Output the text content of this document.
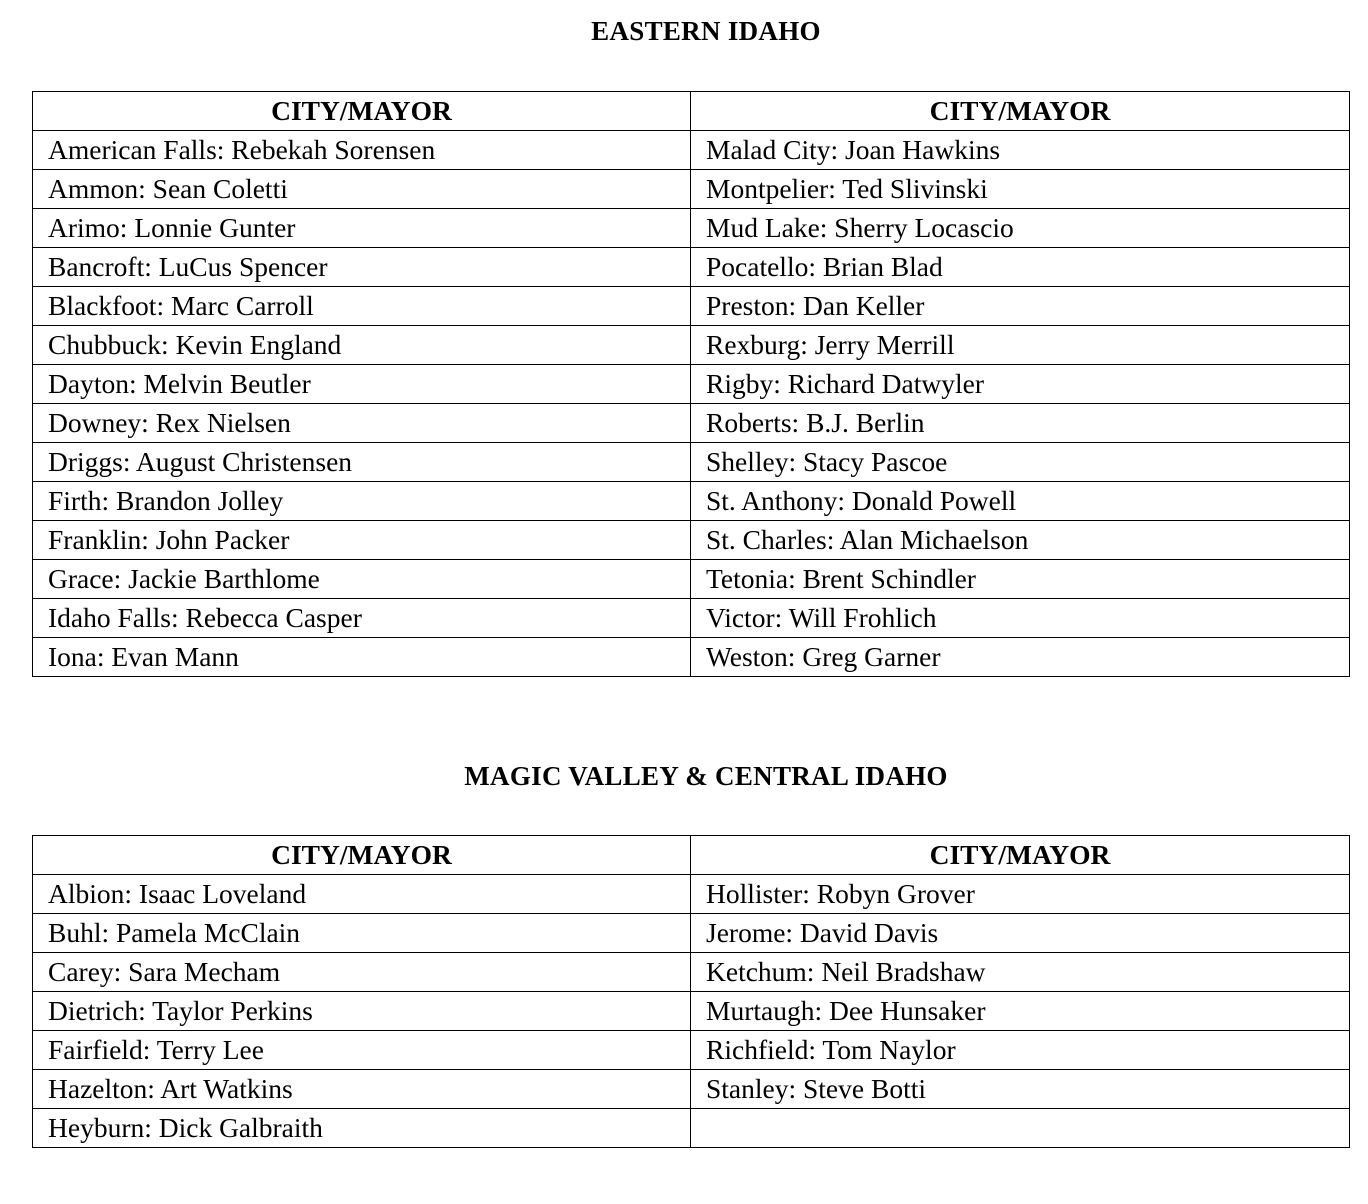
EASTERN IDAHO
CITY/MAYOR	CITY/MAYOR
American Falls: Rebekah Sorensen	Malad City: Joan Hawkins
Ammon: Sean Coletti	Montpelier: Ted Slivinski
Arimo: Lonnie Gunter	Mud Lake: Sherry Locascio
Bancroft: LuCus Spencer	Pocatello: Brian Blad
Blackfoot: Marc Carroll	Preston: Dan Keller
Chubbuck: Kevin England	Rexburg: Jerry Merrill
Dayton: Melvin Beutler	Rigby: Richard Datwyler
Downey: Rex Nielsen	Roberts: B.J. Berlin
Driggs: August Christensen	Shelley: Stacy Pascoe
Firth: Brandon Jolley	St. Anthony: Donald Powell
Franklin: John Packer	St. Charles: Alan Michaelson
Grace: Jackie Barthlome	Tetonia: Brent Schindler
Idaho Falls: Rebecca Casper	Victor: Will Frohlich
Iona: Evan Mann	Weston: Greg Garner
MAGIC VALLEY & CENTRAL IDAHO
CITY/MAYOR	CITY/MAYOR
Albion: Isaac Loveland	Hollister: Robyn Grover
Buhl: Pamela McClain	Jerome: David Davis
Carey: Sara Mecham	Ketchum: Neil Bradshaw
Dietrich: Taylor Perkins	Murtaugh: Dee Hunsaker
Fairfield: Terry Lee	Richfield: Tom Naylor
Hazelton: Art Watkins	Stanley: Steve Botti
Heyburn: Dick Galbraith	
